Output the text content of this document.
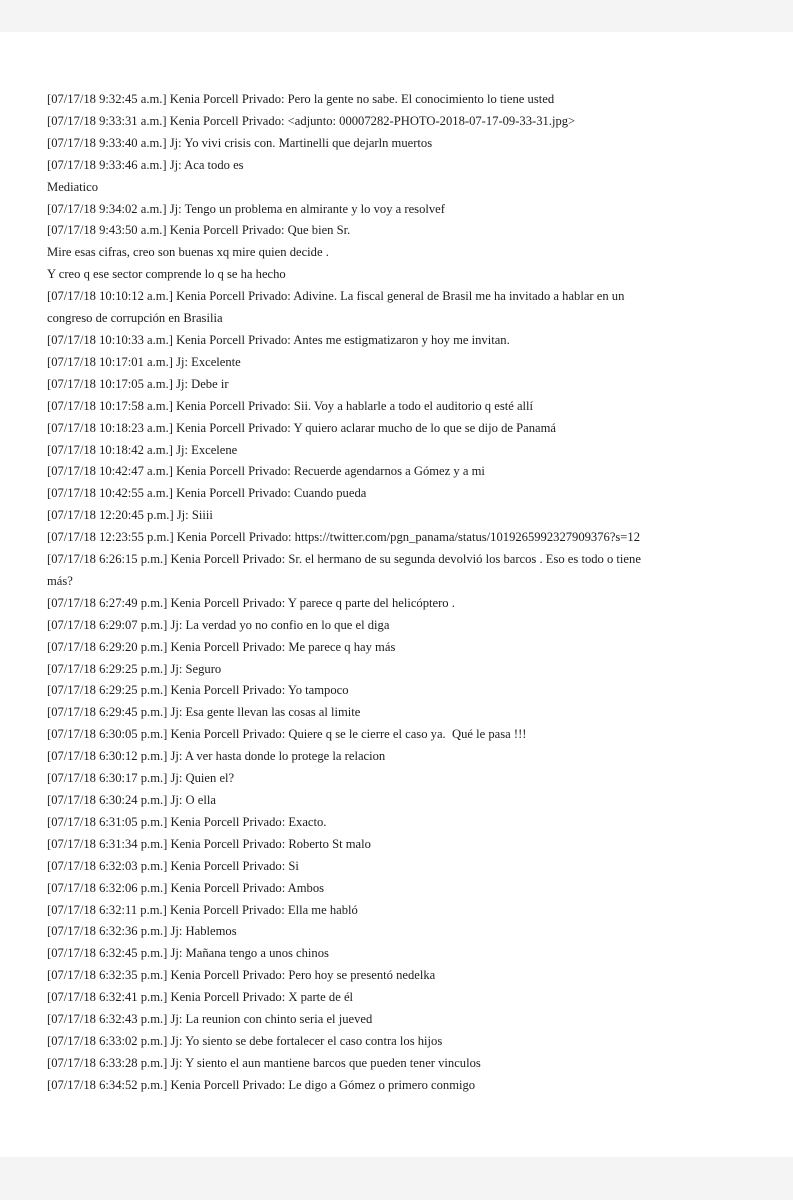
[07/17/18 9:32:45 a.m.] Kenia Porcell Privado: Pero la gente no sabe. El conocimiento lo tiene usted
[07/17/18 9:33:31 a.m.] Kenia Porcell Privado: <adjunto: 00007282-PHOTO-2018-07-17-09-33-31.jpg>
[07/17/18 9:33:40 a.m.] Jj: Yo vivi crisis con. Martinelli que dejarln muertos
[07/17/18 9:33:46 a.m.] Jj: Aca todo es
Mediatico
[07/17/18 9:34:02 a.m.] Jj: Tengo un problema en almirante y lo voy a resolvef
[07/17/18 9:43:50 a.m.] Kenia Porcell Privado: Que bien Sr.
Mire esas cifras, creo son buenas xq mire quien decide .
Y creo q ese sector comprende lo q se ha hecho
[07/17/18 10:10:12 a.m.] Kenia Porcell Privado: Adivine. La fiscal general de Brasil me ha invitado a hablar en un
congreso de corrupción en Brasilia
[07/17/18 10:10:33 a.m.] Kenia Porcell Privado: Antes me estigmatizaron y hoy me invitan.
[07/17/18 10:17:01 a.m.] Jj: Excelente
[07/17/18 10:17:05 a.m.] Jj: Debe ir
[07/17/18 10:17:58 a.m.] Kenia Porcell Privado: Sii. Voy a hablarle a todo el auditorio q esté allí
[07/17/18 10:18:23 a.m.] Kenia Porcell Privado: Y quiero aclarar mucho de lo que se dijo de Panamá
[07/17/18 10:18:42 a.m.] Jj: Excelene
[07/17/18 10:42:47 a.m.] Kenia Porcell Privado: Recuerde agendarnos a Gómez y a mi
[07/17/18 10:42:55 a.m.] Kenia Porcell Privado: Cuando pueda
[07/17/18 12:20:45 p.m.] Jj: Siiii
[07/17/18 12:23:55 p.m.] Kenia Porcell Privado: https://twitter.com/pgn_panama/status/1019265992327909376?s=12
[07/17/18 6:26:15 p.m.] Kenia Porcell Privado: Sr. el hermano de su segunda devolvió los barcos . Eso es todo o tiene
más?
[07/17/18 6:27:49 p.m.] Kenia Porcell Privado: Y parece q parte del helicóptero .
[07/17/18 6:29:07 p.m.] Jj: La verdad yo no confio en lo que el diga
[07/17/18 6:29:20 p.m.] Kenia Porcell Privado: Me parece q hay más
[07/17/18 6:29:25 p.m.] Jj: Seguro
[07/17/18 6:29:25 p.m.] Kenia Porcell Privado: Yo tampoco
[07/17/18 6:29:45 p.m.] Jj: Esa gente llevan las cosas al limite
[07/17/18 6:30:05 p.m.] Kenia Porcell Privado: Quiere q se le cierre el caso ya.  Qué le pasa !!!
[07/17/18 6:30:12 p.m.] Jj: A ver hasta donde lo protege la relacion
[07/17/18 6:30:17 p.m.] Jj: Quien el?
[07/17/18 6:30:24 p.m.] Jj: O ella
[07/17/18 6:31:05 p.m.] Kenia Porcell Privado: Exacto.
[07/17/18 6:31:34 p.m.] Kenia Porcell Privado: Roberto St malo
[07/17/18 6:32:03 p.m.] Kenia Porcell Privado: Si
[07/17/18 6:32:06 p.m.] Kenia Porcell Privado: Ambos
[07/17/18 6:32:11 p.m.] Kenia Porcell Privado: Ella me habló
[07/17/18 6:32:36 p.m.] Jj: Hablemos
[07/17/18 6:32:45 p.m.] Jj: Mañana tengo a unos chinos
[07/17/18 6:32:35 p.m.] Kenia Porcell Privado: Pero hoy se presentó nedelka
[07/17/18 6:32:41 p.m.] Kenia Porcell Privado: X parte de él
[07/17/18 6:32:43 p.m.] Jj: La reunion con chinto seria el jueved
[07/17/18 6:33:02 p.m.] Jj: Yo siento se debe fortalecer el caso contra los hijos
[07/17/18 6:33:28 p.m.] Jj: Y siento el aun mantiene barcos que pueden tener vinculos
[07/17/18 6:34:52 p.m.] Kenia Porcell Privado: Le digo a Gómez o primero conmigo
